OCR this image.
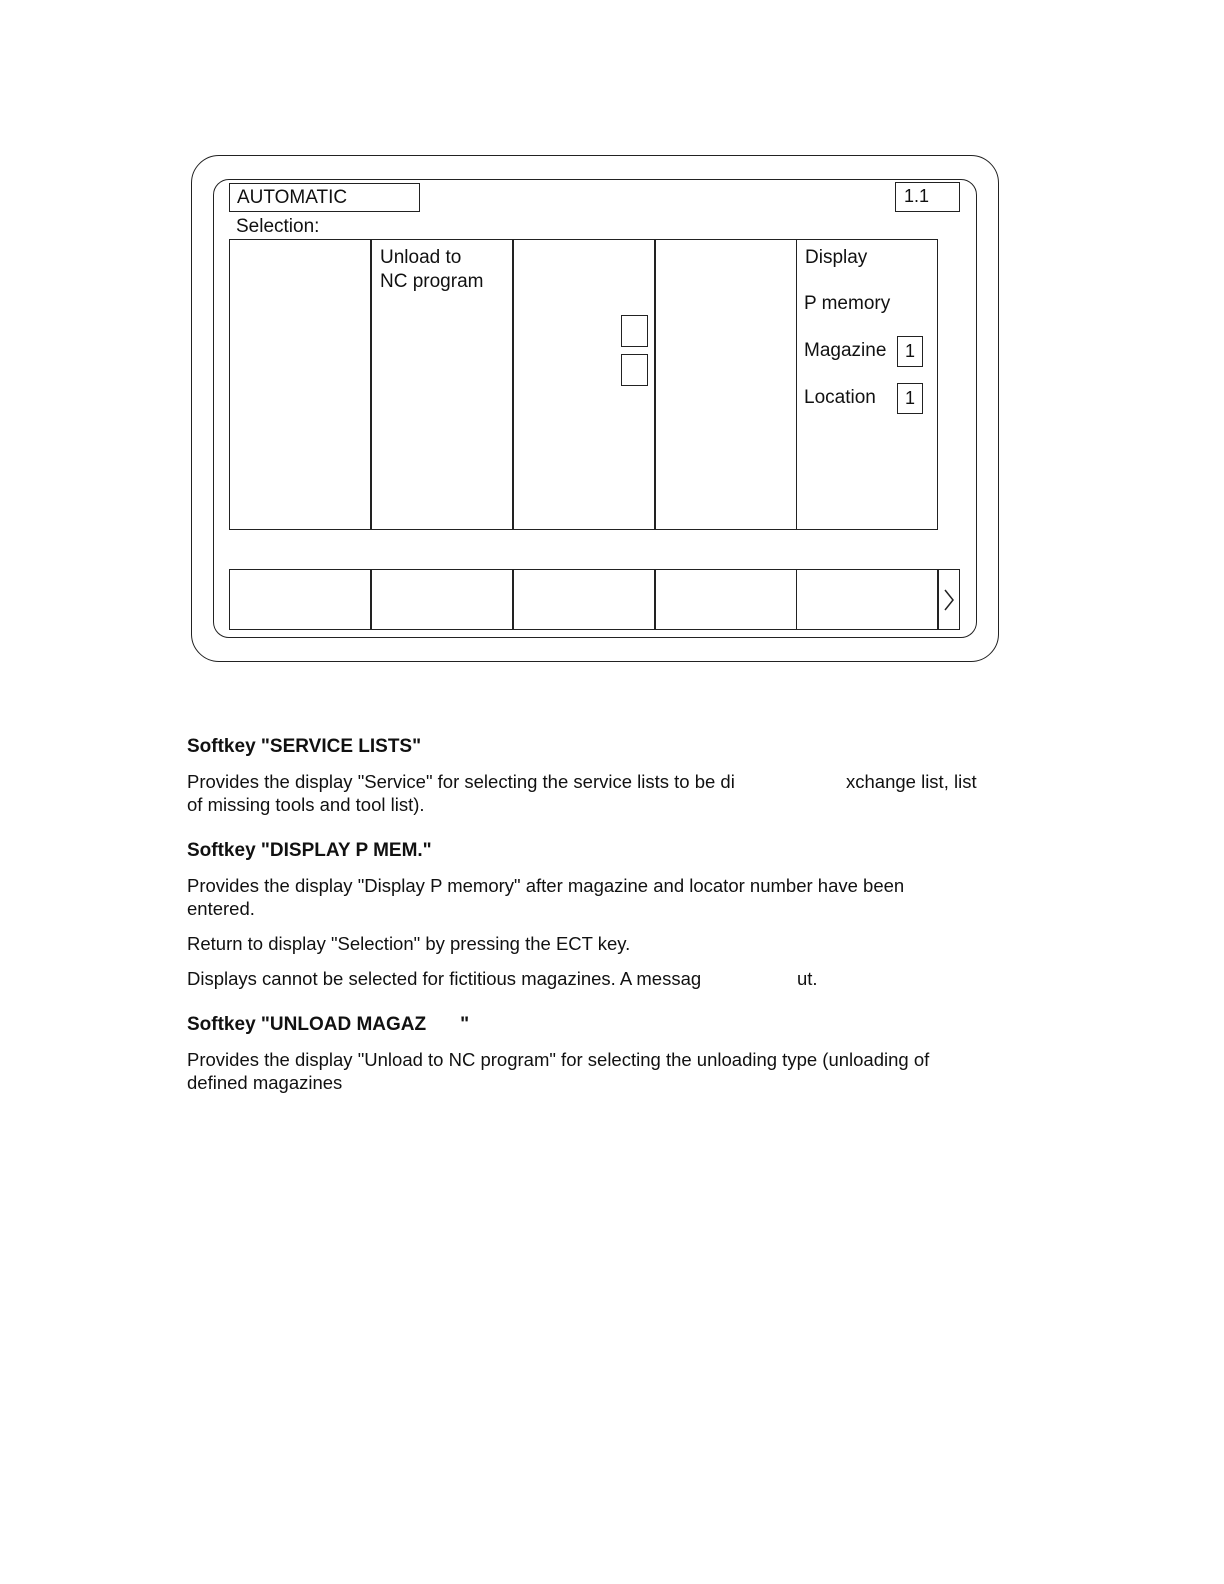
AUTOMATIC	1.1
Selection:
Unload to
NC program
Display
P memory
Magazine	1
Location	1
Softkey "SERVICE LISTS"
Provides the display "Service" for selecting the service lists to be di	xchange list, list
of missing tools and tool list).
Softkey "DISPLAY P MEM."
Provides the display "Display P memory" after magazine and locator number have been
entered.
Return to display "Selection" by pressing the ECT key.
Displays cannot be selected for fictitious magazines. A messag	ut.
Softkey "UNLOAD MAGAZ "
Provides the display "Unload to NC program" for selecting the unloading type (unloading of
defined magazines
